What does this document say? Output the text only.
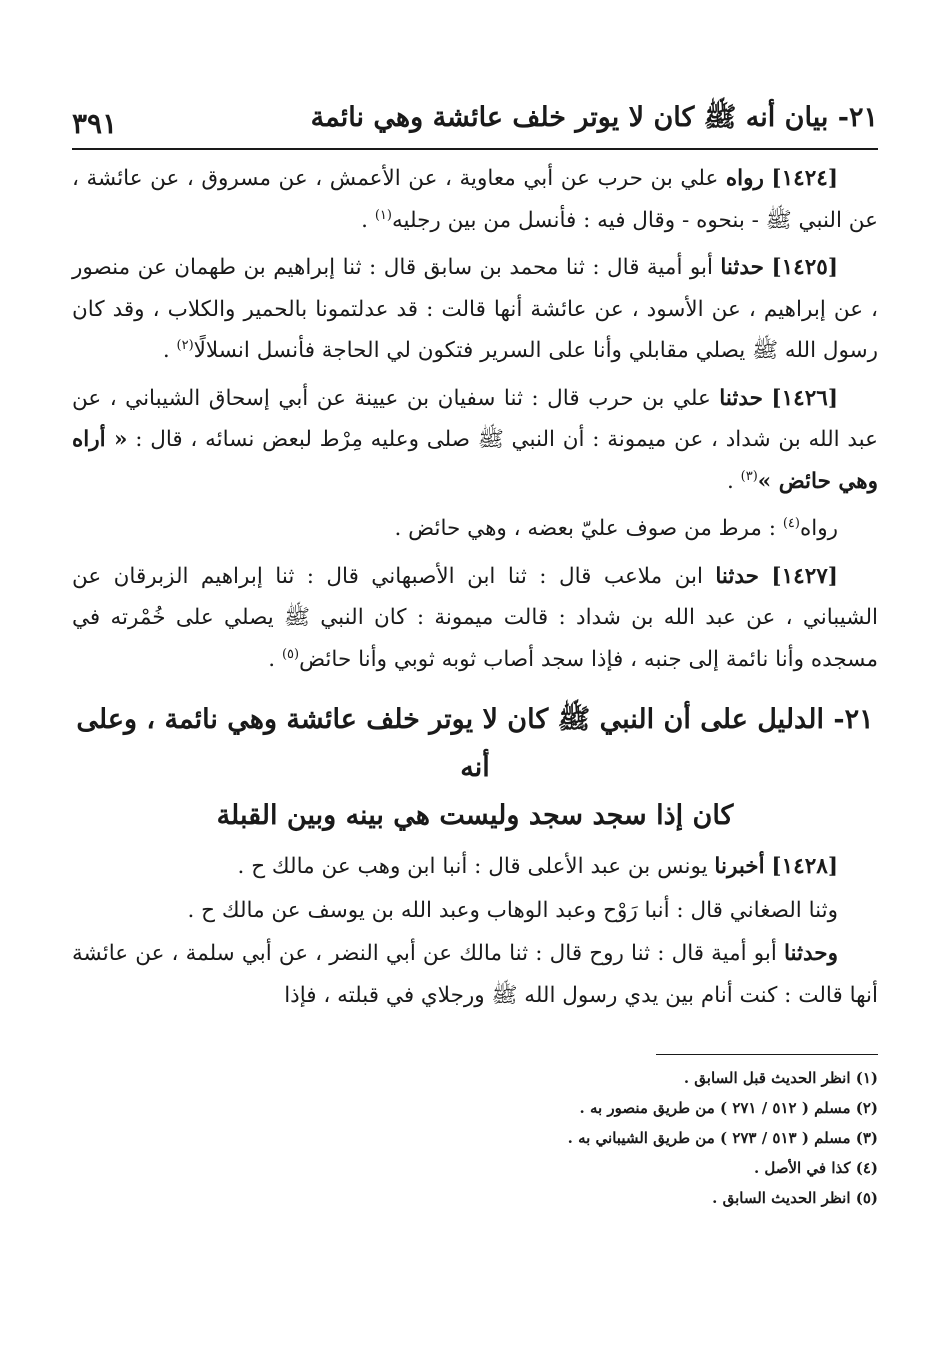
٢١- بيان أنه ﷺ كان لا يوتر خلف عائشة وهي نائمة
٣٩١

[١٤٢٤] رواه علي بن حرب عن أبي معاوية ، عن الأعمش ، عن مسروق ، عن عائشة ، عن النبي ﷺ - بنحوه - وقال فيه : فأنسل من بين رجليه$^{(١)}$ .

[١٤٢٥] حدثنا أبو أمية قال : ثنا محمد بن سابق قال : ثنا إبراهيم بن طهمان عن منصور ، عن إبراهيم ، عن الأسود ، عن عائشة أنها قالت : قد عدلتمونا بالحمير والكلاب ، وقد كان رسول الله ﷺ يصلي مقابلي وأنا على السرير فتكون لي الحاجة فأنسل انسلالًا$^{(٢)}$ .

[١٤٢٦] حدثنا علي بن حرب قال : ثنا سفيان بن عيينة عن أبي إسحاق الشيباني ، عن عبد الله بن شداد ، عن ميمونة : أن النبي ﷺ صلى وعليه مِرْط لبعض نسائه ، قال : « أراه وهي حائض »$^{(٣)}$ .

رواه$^{(٤)}$ : مرط من صوف عليّ بعضه ، وهي حائض .

[١٤٢٧] حدثنا ابن ملاعب قال : ثنا ابن الأصبهاني قال : ثنا إبراهيم الزبرقان عن الشيباني ، عن عبد الله بن شداد : قالت ميمونة : كان النبي ﷺ يصلي على خُمْرته في مسجده وأنا نائمة إلى جنبه ، فإذا سجد أصاب ثوبه ثوبي وأنا حائض$^{(٥)}$ .

٢١- الدليل على أن النبي ﷺ كان لا يوتر خلف عائشة وهي نائمة ، وعلى أنه
كان إذا سجد سجد وليست هي بينه وبين القبلة

[١٤٢٨] أخبرنا يونس بن عبد الأعلى قال : أنبا ابن وهب عن مالك ح .

وثنا الصغاني قال : أنبا رَوْح وعبد الوهاب وعبد الله بن يوسف عن مالك ح .

وحدثنا أبو أمية قال : ثنا روح قال : ثنا مالك عن أبي النضر ، عن أبي سلمة ، عن عائشة أنها قالت : كنت أنام بين يدي رسول الله ﷺ ورجلاي في قبلته ، فإذا

(١) انظر الحديث قبل السابق .
(٢) مسلم ( ٥١٢ / ٢٧١ ) من طريق منصور به .
(٣) مسلم ( ٥١٣ / ٢٧٣ ) من طريق الشيباني به .
(٤) كذا في الأصل .
(٥) انظر الحديث السابق .
